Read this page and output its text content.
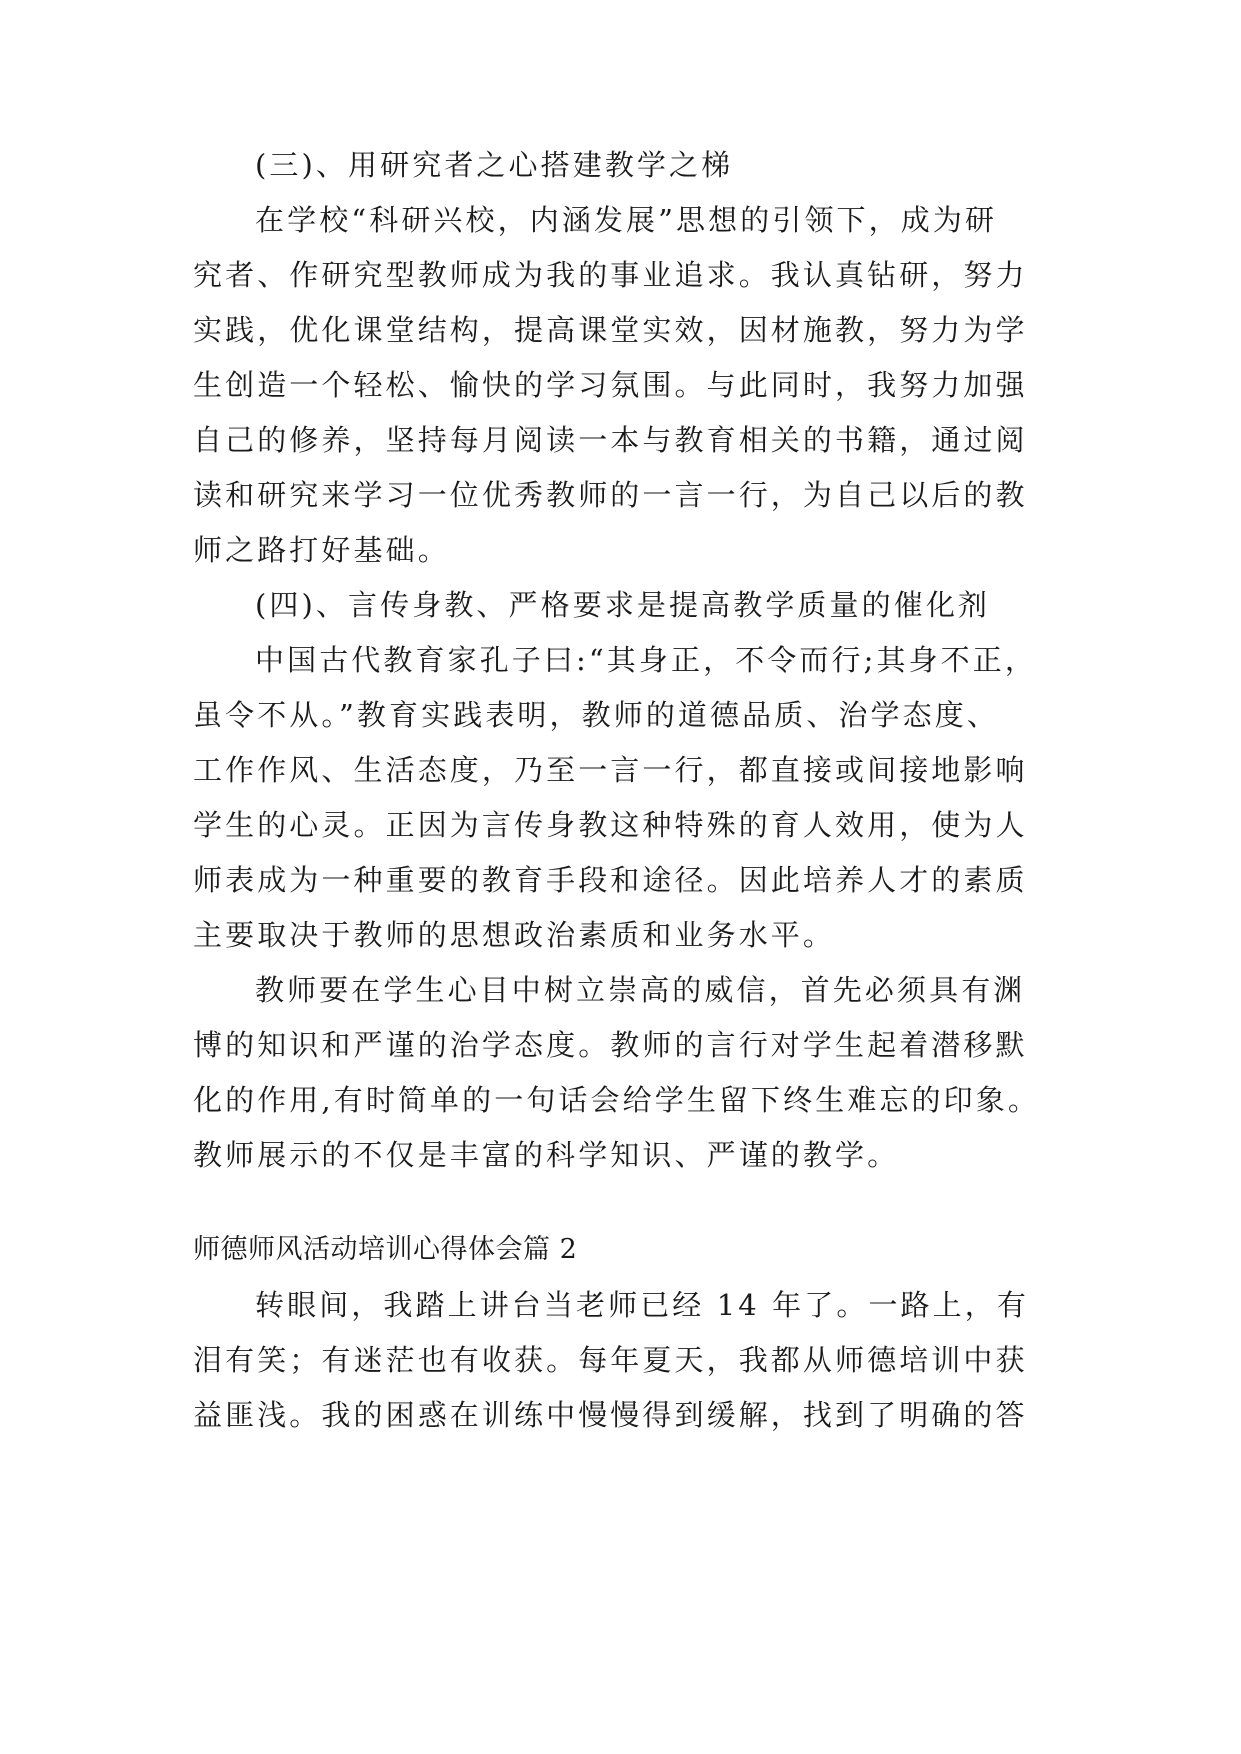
(三)、用研究者之心搭建教学之梯

在学校“科研兴校，内涵发展”思想的引领下，成为研

究者、作研究型教师成为我的事业追求。我认真钻研，努力

实践，优化课堂结构，提高课堂实效，因材施教，努力为学

生创造一个轻松、愉快的学习氛围。与此同时，我努力加强

自己的修养，坚持每月阅读一本与教育相关的书籍，通过阅

读和研究来学习一位优秀教师的一言一行，为自己以后的教

师之路打好基础。

(四)、言传身教、严格要求是提高教学质量的催化剂

中国古代教育家孔子曰:“其身正，不令而行;其身不正，

虽令不从。”教育实践表明，教师的道德品质、治学态度、

工作作风、生活态度，乃至一言一行，都直接或间接地影响

学生的心灵。正因为言传身教这种特殊的育人效用，使为人

师表成为一种重要的教育手段和途径。因此培养人才的素质

主要取决于教师的思想政治素质和业务水平。

教师要在学生心目中树立崇高的威信，首先必须具有渊

博的知识和严谨的治学态度。教师的言行对学生起着潜移默

化的作用,有时简单的一句话会给学生留下终生难忘的印象。

教师展示的不仅是丰富的科学知识、严谨的教学。

师德师风活动培训心得体会篇 2

转眼间，我踏上讲台当老师已经 14 年了。一路上，有

泪有笑；有迷茫也有收获。每年夏天，我都从师德培训中获

益匪浅。我的困惑在训练中慢慢得到缓解，找到了明确的答
